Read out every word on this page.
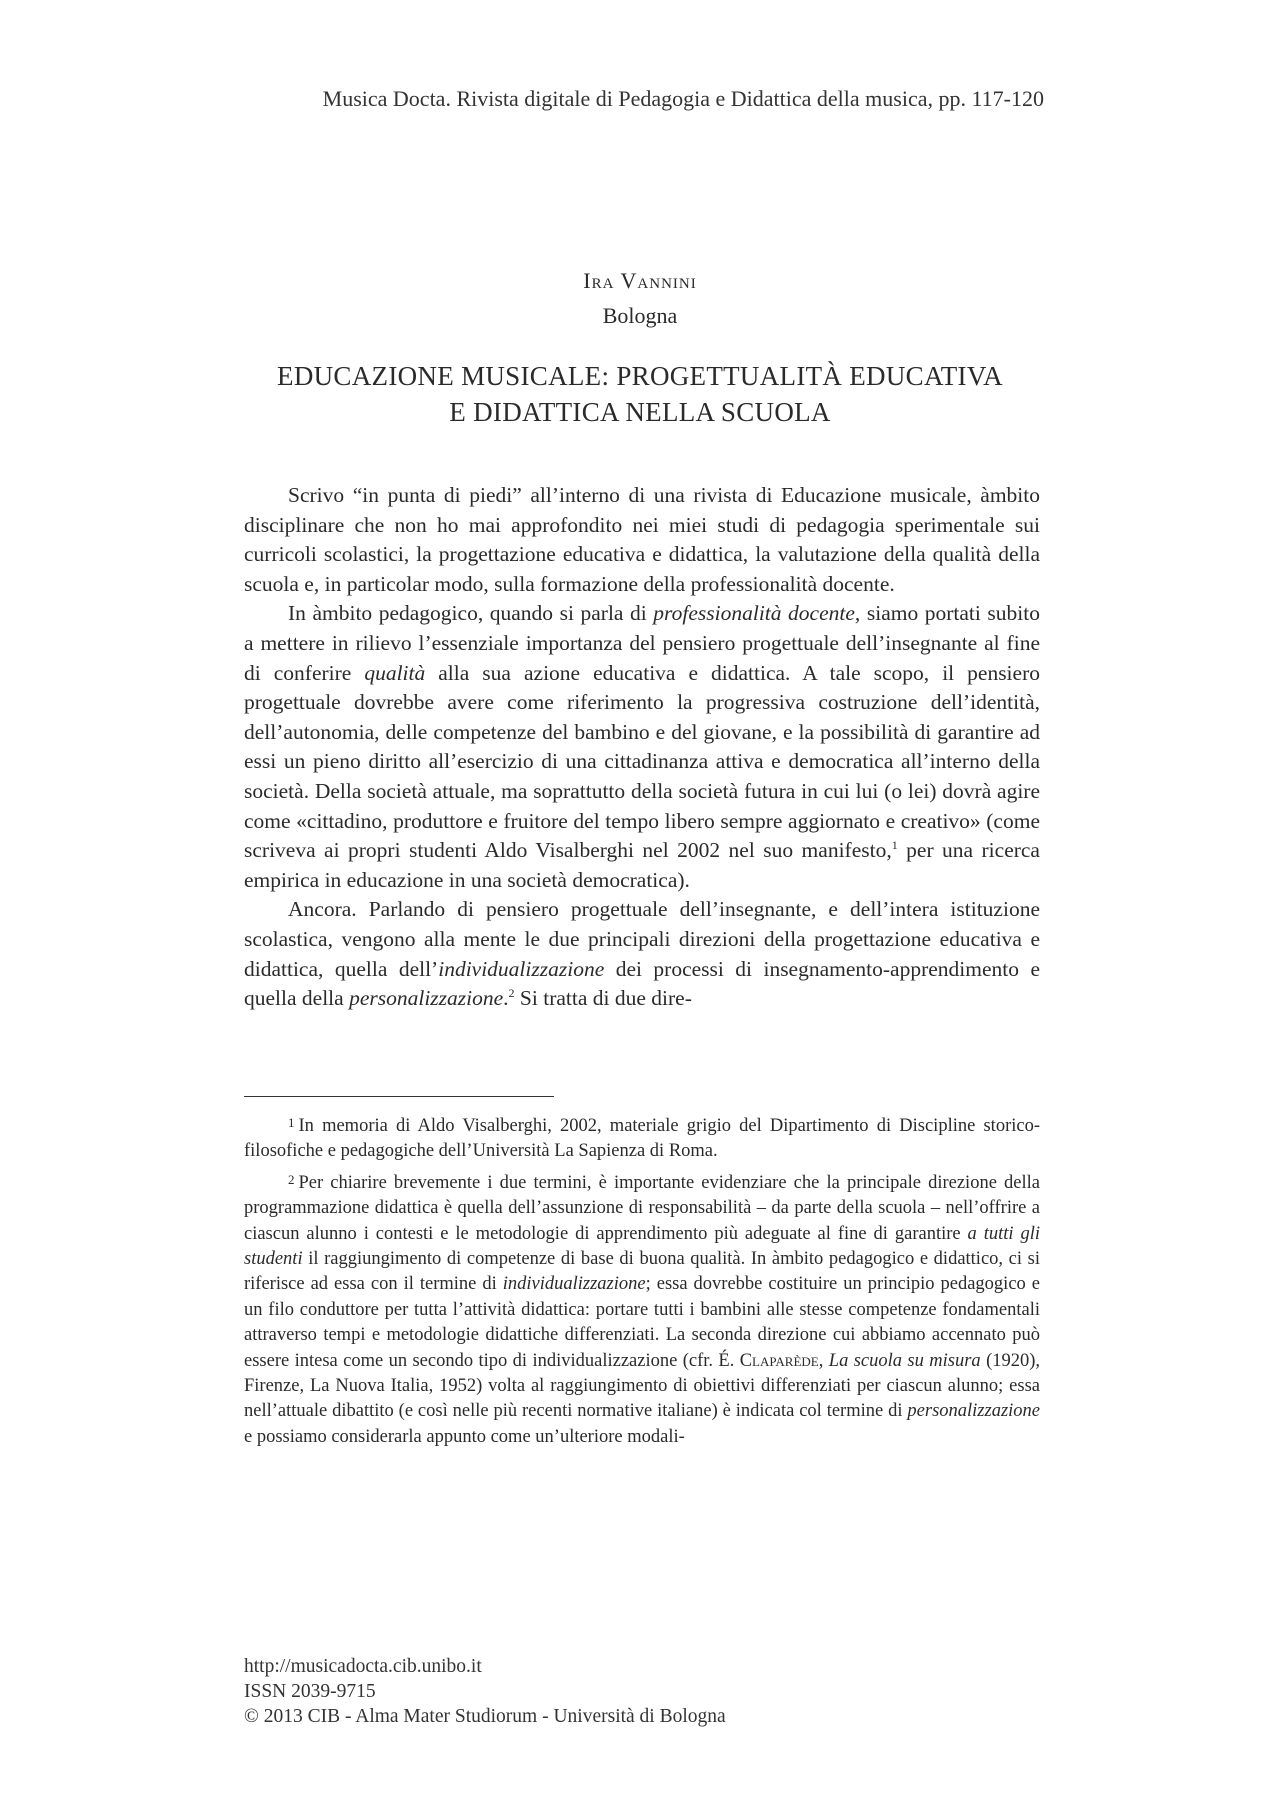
Musica Docta. Rivista digitale di Pedagogia e Didattica della musica, pp. 117-120
Ira Vannini
Bologna
EDUCAZIONE MUSICALE: PROGETTUALITÀ EDUCATIVA
E DIDATTICA NELLA SCUOLA

Scrivo “in punta di piedi” all’interno di una rivista di Educazione musicale, àmbito disciplinare che non ho mai approfondito nei miei studi di pedagogia sperimentale sui curricoli scolastici, la progettazione educativa e didattica, la valutazione della qualità della scuola e, in particolar modo, sulla formazione della professionalità docente.

In àmbito pedagogico, quando si parla di professionalità docente, siamo portati subito a mettere in rilievo l’essenziale importanza del pensiero progettuale dell’insegnante al fine di conferire qualità alla sua azione educativa e didattica. A tale scopo, il pensiero progettuale dovrebbe avere come riferimento la progressiva costruzione dell’identità, dell’autonomia, delle competenze del bambino e del giovane, e la possibilità di garantire ad essi un pieno diritto all’esercizio di una cittadinanza attiva e democratica all’interno della società. Della società attuale, ma soprattutto della società futura in cui lui (o lei) dovrà agire come «cittadino, produttore e fruitore del tempo libero sempre aggiornato e creativo» (come scriveva ai propri studenti Aldo Visalberghi nel 2002 nel suo manifesto,$^1$ per una ricerca empirica in educazione in una società democratica).

Ancora. Parlando di pensiero progettuale dell’insegnante, e dell’intera istituzione scolastica, vengono alla mente le due principali direzioni della progettazione educativa e didattica, quella dell’individualizzazione dei processi di insegnamento-apprendimento e quella della personalizzazione.$^2$ Si tratta di due dire-

$^1$ In memoria di Aldo Visalberghi, 2002, materiale grigio del Dipartimento di Discipline storico-filosofiche e pedagogiche dell’Università La Sapienza di Roma.

$^2$ Per chiarire brevemente i due termini, è importante evidenziare che la principale direzione della programmazione didattica è quella dell’assunzione di responsabilità – da parte della scuola – nell’offrire a ciascun alunno i contesti e le metodologie di apprendimento più adeguate al fine di garantire a tutti gli studenti il raggiungimento di competenze di base di buona qualità. In àmbito pedagogico e didattico, ci si riferisce ad essa con il termine di individualizzazione; essa dovrebbe costituire un principio pedagogico e un filo conduttore per tutta l’attività didattica: portare tutti i bambini alle stesse competenze fondamentali attraverso tempi e metodologie didattiche differenziati. La seconda direzione cui abbiamo accennato può essere intesa come un secondo tipo di individualizzazione (cfr. É. Claparède, La scuola su misura (1920), Firenze, La Nuova Italia, 1952) volta al raggiungimento di obiettivi differenziati per ciascun alunno; essa nell’attuale dibattito (e così nelle più recenti normative italiane) è indicata col termine di personalizzazione e possiamo considerarla appunto come un’ulteriore modali-

http://musicadocta.cib.unibo.it
ISSN 2039-9715
© 2013 CIB - Alma Mater Studiorum - Università di Bologna
